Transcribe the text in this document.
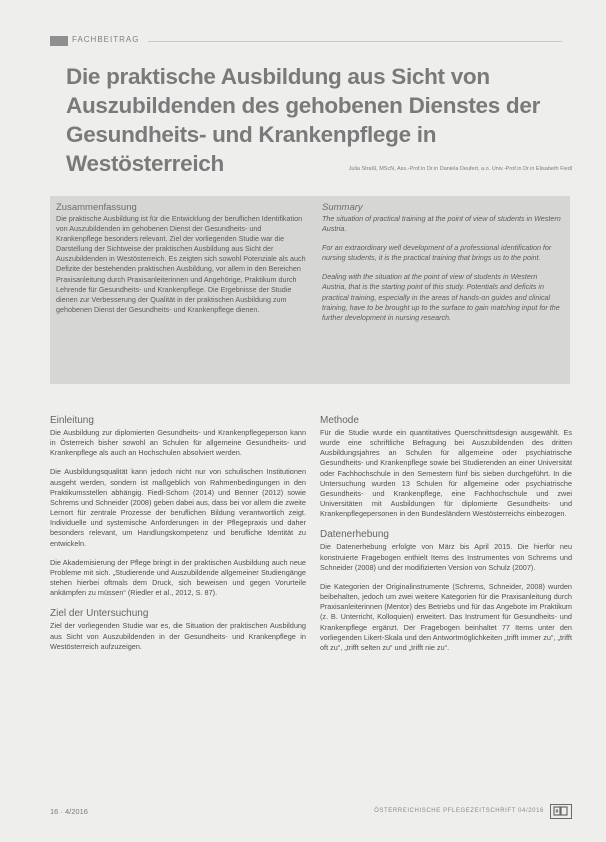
FACHBEITRAG
Die praktische Ausbildung aus Sicht von Auszubildenden des gehobenen Dienstes der Gesundheits- und Krankenpflege in Westösterreich	Julia Straßl, MScN, Ass.-Prof.in Dr.in Daniela Deufert, a.o. Univ.-Prof.in Dr.in Elisabeth Fiedl
Zusammenfassung

Die praktische Ausbildung ist für die Entwicklung der beruflichen Identifikation von Auszubildenden im gehobenen Dienst der Gesundheits- und Krankenpflege besonders relevant. Ziel der vorliegenden Studie war die Darstellung der Sichtweise der praktischen Ausbildung aus Sicht der Auszubildenden in Westösterreich. Es zeigten sich sowohl Potenziale als auch Defizite der bestehenden praktischen Ausbildung, vor allem in den Bereichen Praxisanleitung durch Praxisanleiterinnen und Angehörige, Praktikum durch Lehrende für Gesundheits- und Krankenpflege. Die Ergebnisse der Studie dienen zur Verbesserung der Qualität in der praktischen Ausbildung zum gehobenen Dienst der Gesundheits- und Krankenpflege dienen.

Summary

The situation of practical training at the point of view of students in Western Austria.

For an extraordinary well development of a professional identification for nursing students, it is the practical training that brings us to the point.

Dealing with the situation at the point of view of students in Western Austria, that is the starting point of this study. Potentials and deficits in practical training, especially in the areas of hands-on guides and clinical training, have to be brought up to the surface to gain matching input for the further development in nursing research.

Einleitung

Die Ausbildung zur diplomierten Gesundheits- und Krankenpflegeperson kann in Österreich bisher sowohl an Schulen für allgemeine Gesundheits- und Krankenpflege als auch an Hochschulen absolviert werden.

Die Ausbildungsqualität kann jedoch nicht nur von schulischen Institutionen ausgeht werden, sondern ist maßgeblich von Rahmenbedingungen in den Praktikumsstellen abhängig. Fiedl-Schorn (2014) und Benner (2012) sowie Schrems und Schneider (2008) geben dabei aus, dass bei vor allem die zweite Lernort für zentrale Prozesse der beruflichen Bildung verantwortlich zeigt. Individuelle und systemische Anforderungen in der Pflegepraxis und daher besonders relevant, um Handlungskompetenz und berufliche Identität zu entwickeln.

Die Akademisierung der Pflege bringt in der praktischen Ausbildung auch neue Probleme mit sich. „Studierende und Auszubildende allgemeiner Studiengänge stehen hierbei oftmals dem Druck, sich beweisen und gegen Vorurteile ankämpfen zu müssen“ (Riedler et al., 2012, S. 87).

Ziel der Untersuchung

Ziel der vorliegenden Studie war es, die Situation der praktischen Ausbildung aus Sicht von Auszubildenden in der Gesundheits- und Krankenpflege in Westösterreich aufzuzeigen.

Methode

Für die Studie wurde ein quantitatives Querschnittsdesign ausgewählt. Es wurde eine schriftliche Befragung bei Auszubildenden des dritten Ausbildungsjahres an Schulen für allgemeine oder psychiatrische Gesundheits- und Krankenpflege sowie bei Studierenden an einer Universität oder Fachhochschule in den Semestern fünf bis sieben durchgeführt. In die Untersuchung wurden 13 Schulen für allgemeine oder psychiatrische Gesundheits- und Krankenpflege, eine Fachhochschule und zwei Universitäten mit Ausbildungen für diplomierte Gesundheits- und Krankenpflegepersonen in den Bundesländern Westösterreichs einbezogen.

Datenerhebung

Die Datenerhebung erfolgte von März bis April 2015. Die hierfür neu konstruierte Fragebogen enthielt Items des Instrumentes von Schrems und Schneider (2008) und der modifizierten Version von Schulz (2007).

Die Kategorien der Originalinstrumente (Schrems, Schneider, 2008) wurden beibehalten, jedoch um zwei weitere Kategorien für die Praxisanleitung durch Praxisanleiterinnen (Mentor) des Betriebs und für das Angebote im Praktikum (z. B. Unterricht, Kolloquien) erweitert. Das Instrument für Gesundheits- und Krankenpflege ergänzt. Der Fragebogen beinhaltet 77 Items unter den vorliegenden Likert-Skala und den Antwortmöglichkeiten „trifft immer zu“, „trifft oft zu“, „trifft selten zu“ und „trifft nie zu“.

16 · 4/2016	ÖSTERREICHISCHE PFLEGEZEITSCHRIFT 04/2016
